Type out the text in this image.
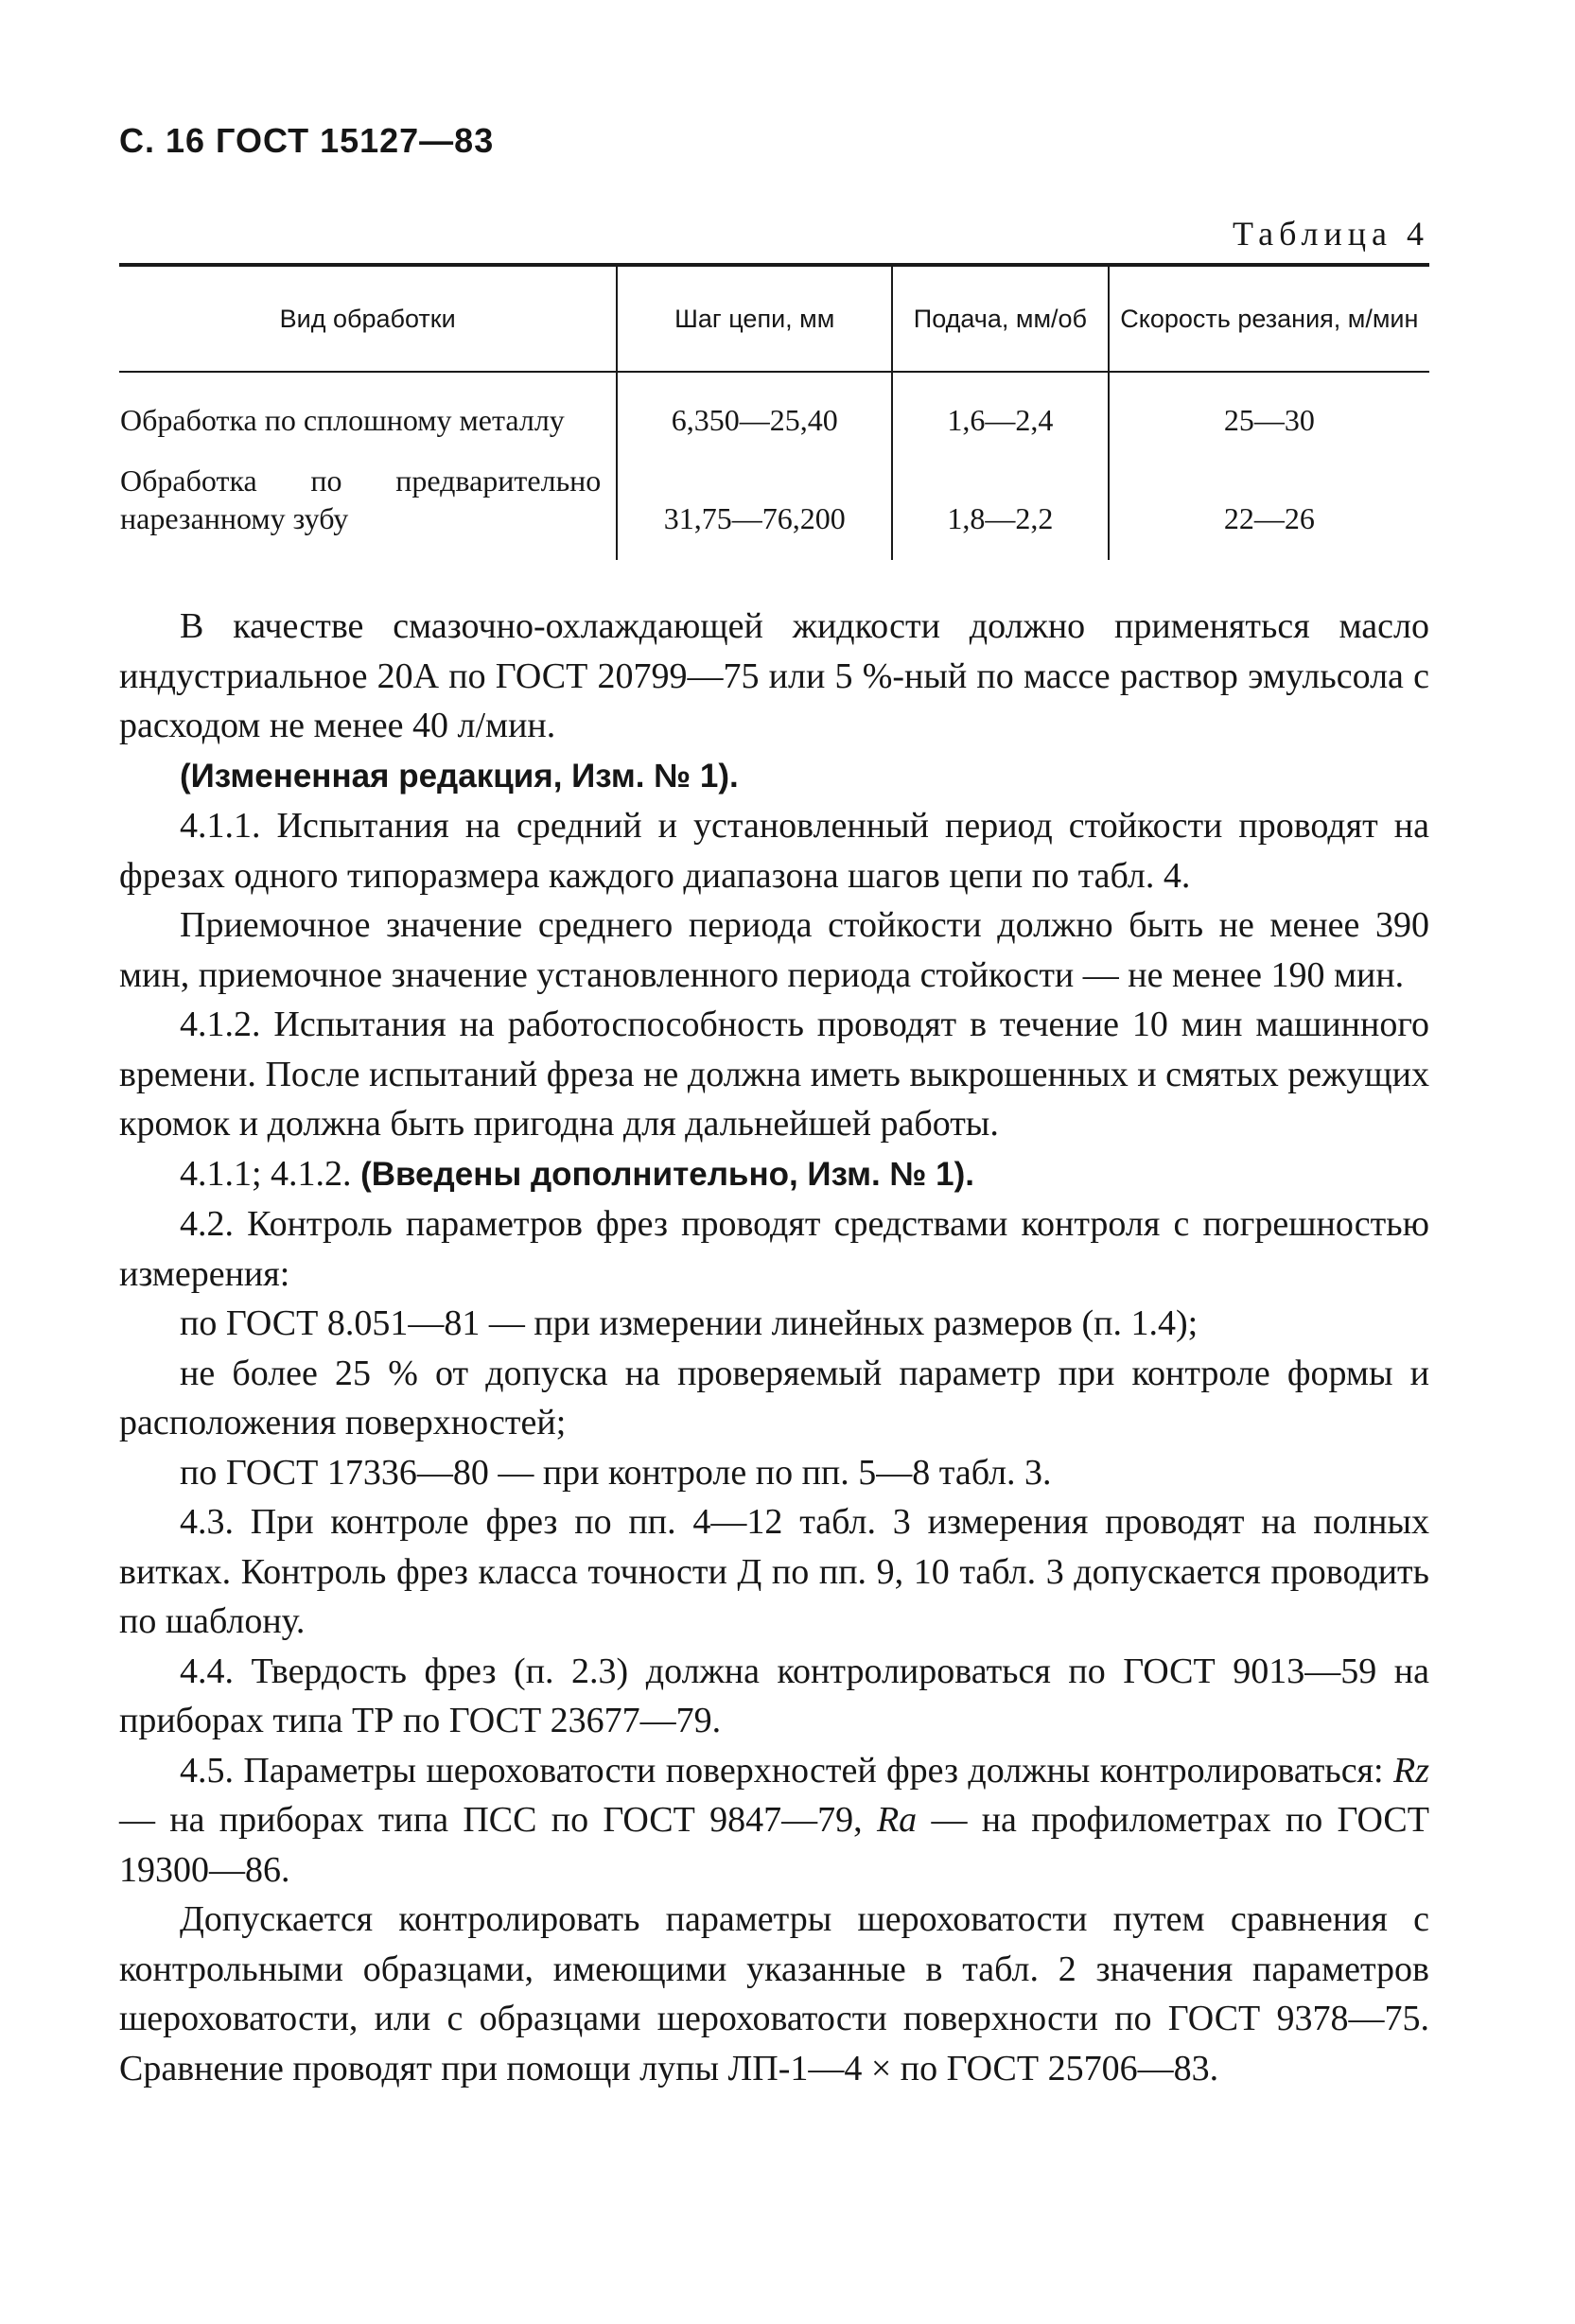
С. 16 ГОСТ 15127—83
Таблица 4
Вид обработки	Шаг цепи, мм	Подача, мм/об	Скорость резания, м/мин
Обработка по сплошному металлу	6,350—25,40	1,6—2,4	25—30
Обработка по предварительно нарезанному зубу	31,75—76,200	1,8—2,2	22—26

В качестве смазочно-охлаждающей жидкости должно применяться масло индустриальное 20А по ГОСТ 20799—75 или 5 %-ный по массе раствор эмульсола с расходом не менее 40 л/мин.

(Измененная редакция, Изм. № 1).

4.1.1. Испытания на средний и установленный период стойкости проводят на фрезах одного типоразмера каждого диапазона шагов цепи по табл. 4.

Приемочное значение среднего периода стойкости должно быть не менее 390 мин, приемочное значение установленного периода стойкости — не менее 190 мин.

4.1.2. Испытания на работоспособность проводят в течение 10 мин машинного времени. После испытаний фреза не должна иметь выкрошенных и смятых режущих кромок и должна быть пригодна для дальнейшей работы.

4.1.1; 4.1.2. (Введены дополнительно, Изм. № 1).

4.2. Контроль параметров фрез проводят средствами контроля с погрешностью измерения:

по ГОСТ 8.051—81 — при измерении линейных размеров (п. 1.4);

не более 25 % от допуска на проверяемый параметр при контроле формы и расположения поверхностей;

по ГОСТ 17336—80 — при контроле по пп. 5—8 табл. 3.

4.3. При контроле фрез по пп. 4—12 табл. 3 измерения проводят на полных витках. Контроль фрез класса точности Д по пп. 9, 10 табл. 3 допускается проводить по шаблону.

4.4. Твердость фрез (п. 2.3) должна контролироваться по ГОСТ 9013—59 на приборах типа ТР по ГОСТ 23677—79.

4.5. Параметры шероховатости поверхностей фрез должны контролироваться: Rz — на приборах типа ПСС по ГОСТ 9847—79, Ra — на профилометрах по ГОСТ 19300—86.

Допускается контролировать параметры шероховатости путем сравнения с контрольными образцами, имеющими указанные в табл. 2 значения параметров шероховатости, или с образцами шероховатости поверхности по ГОСТ 9378—75. Сравнение проводят при помощи лупы ЛП-1—4 × по ГОСТ 25706—83.
